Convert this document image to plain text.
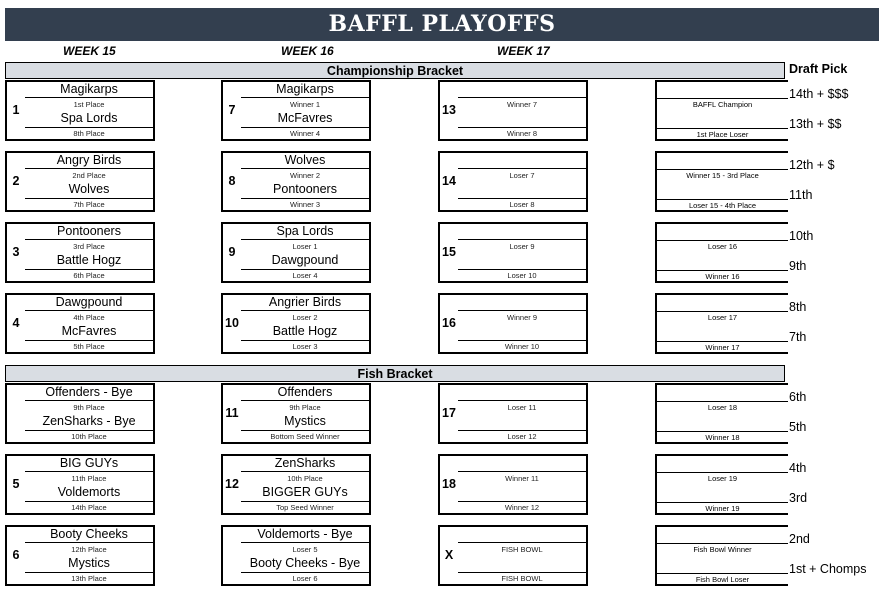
BAFFL PLAYOFFS
WEEK 15	WEEK 16	WEEK 17
Championship Bracket	Draft Pick
Fish Bracket
1
Magikarps
1st Place
Spa Lords
8th Place
7
Magikarps
Winner 1
McFavres
Winner 4
13	Winner 7
Winner 8
2
Angry Birds
2nd Place
Wolves
7th Place
8
Wolves
Winner 2
Pontooners
Winner 3
14	Loser 7
Loser 8
3
Pontooners
3rd Place
Battle Hogz
6th Place
9
Spa Lords
Loser 1
Dawgpound
Loser 4
15	Loser 9
Loser 10
4
Dawgpound
4th Place
McFavres
5th Place
10
Angrier Birds
Loser 2
Battle Hogz
Loser 3
16	Winner 9
Winner 10
Offenders - Bye
9th Place
ZenSharks - Bye
10th Place
11
Offenders
9th Place
Mystics
Bottom Seed Winner
17	Loser 11
Loser 12
5
BIG GUYs
11th Place
Voldemorts
14th Place
12
ZenSharks
10th Place
BIGGER GUYs
Top Seed Winner
18	Winner 11
Winner 12
6
Booty Cheeks
12th Place
Mystics
13th Place
Voldemorts - Bye
Loser 5
Booty Cheeks - Bye
Loser 6
X	FISH BOWL
FISH BOWL
BAFFL Champion
1st Place Loser
14th + $$$
13th + $$
Winner 15 - 3rd Place
Loser 15 - 4th Place
12th + $
11th
Loser 16
Winner 16
10th
9th
Loser 17
Winner 17
8th
7th
Loser 18
Winner 18
6th
5th
Loser 19
Winner 19
4th
3rd
Fish Bowl Winner
Fish Bowl Loser
2nd
1st + Chomps
